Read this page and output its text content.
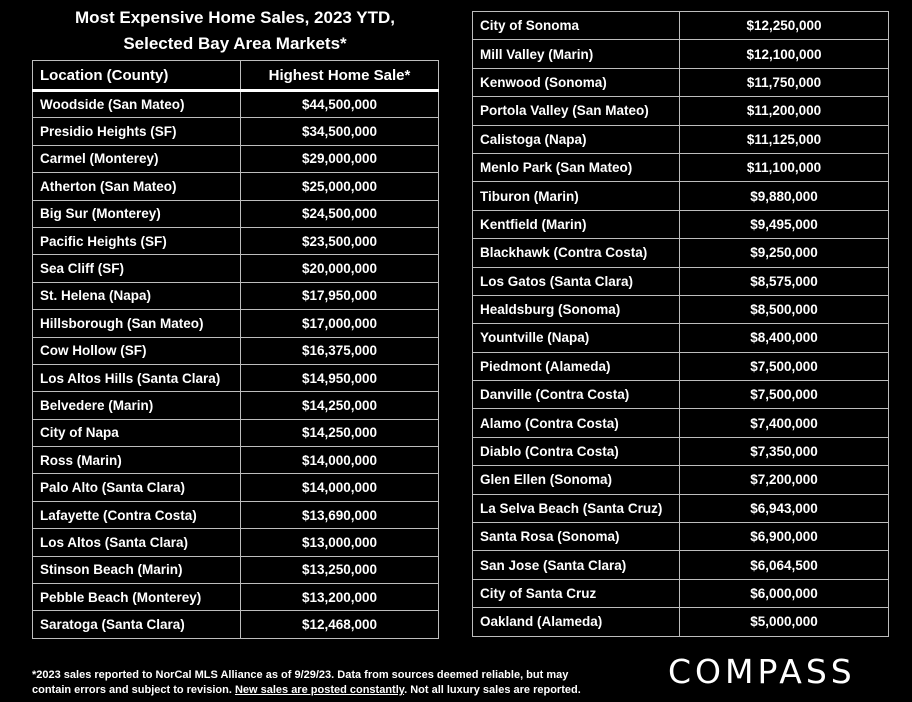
Most Expensive Home Sales, 2023 YTD,
Selected Bay Area Markets*
Location (County)	Highest Home Sale*
Woodside (San Mateo)	$44,500,000
Presidio Heights (SF)	$34,500,000
Carmel (Monterey)	$29,000,000
Atherton (San Mateo)	$25,000,000
Big Sur (Monterey)	$24,500,000
Pacific Heights (SF)	$23,500,000
Sea Cliff (SF)	$20,000,000
St. Helena (Napa)	$17,950,000
Hillsborough (San Mateo)	$17,000,000
Cow Hollow (SF)	$16,375,000
Los Altos Hills (Santa Clara)	$14,950,000
Belvedere (Marin)	$14,250,000
City of Napa	$14,250,000
Ross (Marin)	$14,000,000
Palo Alto (Santa Clara)	$14,000,000
Lafayette (Contra Costa)	$13,690,000
Los Altos (Santa Clara)	$13,000,000
Stinson Beach (Marin)	$13,250,000
Pebble Beach (Monterey)	$13,200,000
Saratoga (Santa Clara)	$12,468,000
City of Sonoma	$12,250,000
Mill Valley (Marin)	$12,100,000
Kenwood (Sonoma)	$11,750,000
Portola Valley (San Mateo)	$11,200,000
Calistoga (Napa)	$11,125,000
Menlo Park (San Mateo)	$11,100,000
Tiburon (Marin)	$9,880,000
Kentfield (Marin)	$9,495,000
Blackhawk (Contra Costa)	$9,250,000
Los Gatos (Santa Clara)	$8,575,000
Healdsburg (Sonoma)	$8,500,000
Yountville (Napa)	$8,400,000
Piedmont (Alameda)	$7,500,000
Danville (Contra Costa)	$7,500,000
Alamo (Contra Costa)	$7,400,000
Diablo (Contra Costa)	$7,350,000
Glen Ellen (Sonoma)	$7,200,000
La Selva Beach (Santa Cruz)	$6,943,000
Santa Rosa (Sonoma)	$6,900,000
San Jose (Santa Clara)	$6,064,500
City of Santa Cruz	$6,000,000
Oakland (Alameda)	$5,000,000
*2023 sales reported to NorCal MLS Alliance as of 9/29/23. Data from sources deemed reliable, but may
contain errors and subject to revision. New sales are posted constantly. Not all luxury sales are reported.	COMPASS
